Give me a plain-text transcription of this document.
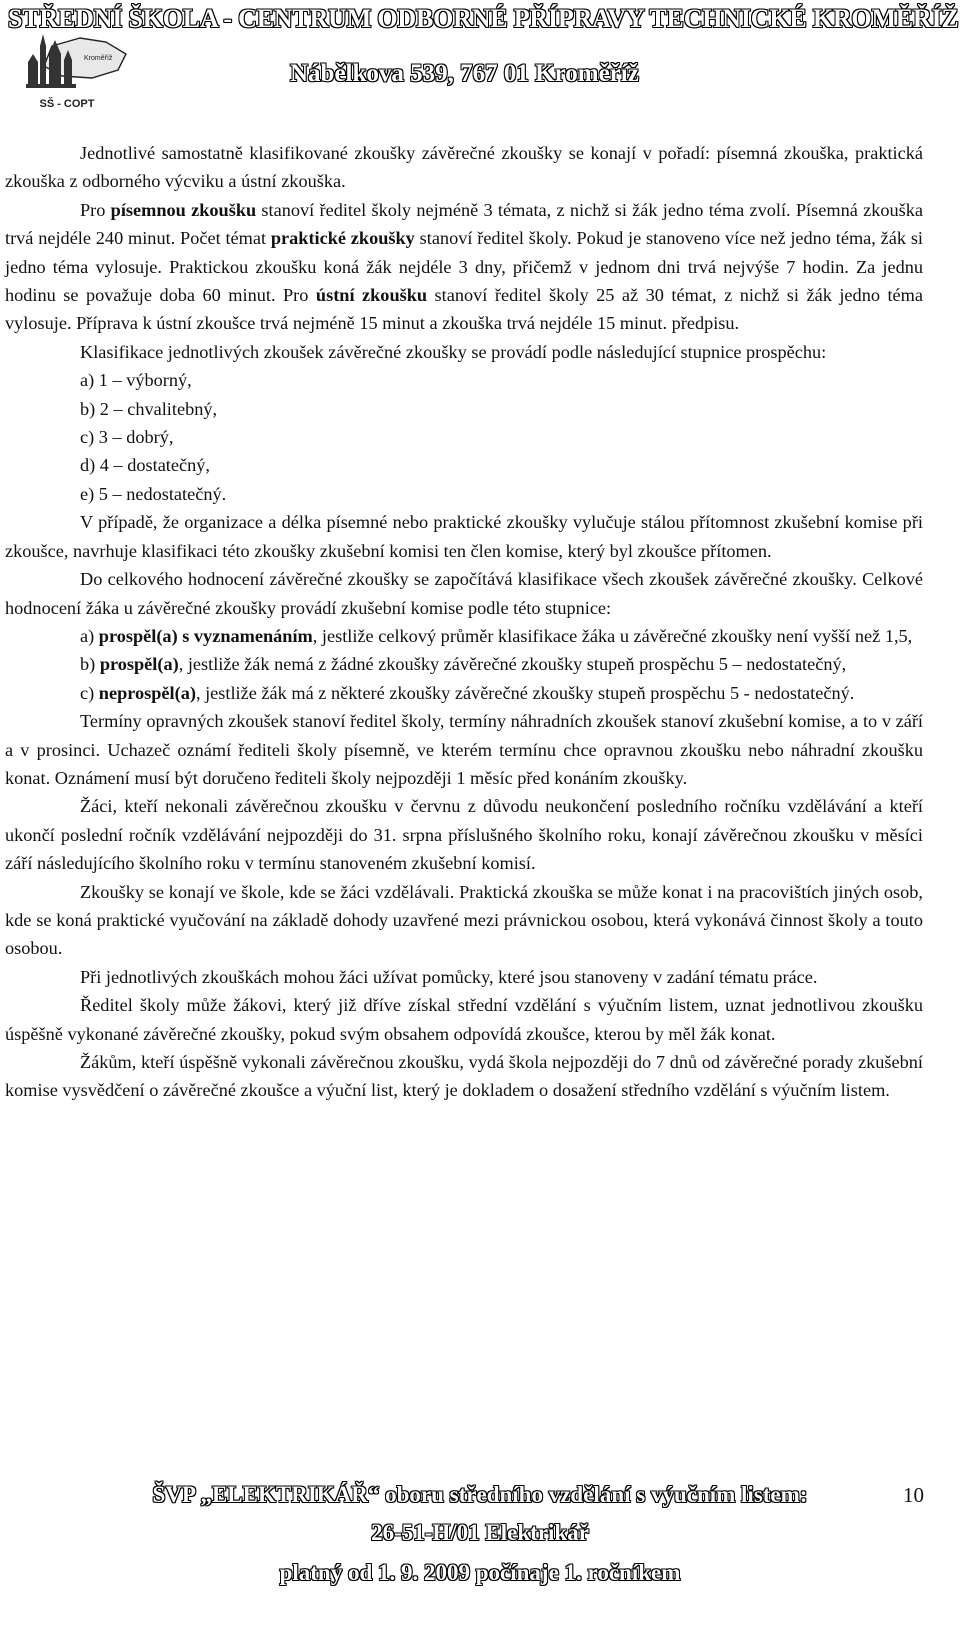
STŘEDNÍ ŠKOLA - CENTRUM ODBORNÉ PŘÍPRAVY TECHNICKÉ KROMĚŘÍŽ
Nábělkova 539, 767 01 Kroměříž
Kroměříž
SŠ - COPT

Jednotlivé samostatně klasifikované zkoušky závěrečné zkoušky se konají v pořadí: písemná zkouška, praktická zkouška z odborného výcviku a ústní zkouška.

Pro písemnou zkoušku stanoví ředitel školy nejméně 3 témata, z nichž si žák jedno téma zvolí. Písemná zkouška trvá nejdéle 240 minut. Počet témat praktické zkoušky stanoví ředitel školy. Pokud je stanoveno více než jedno téma, žák si jedno téma vylosuje. Praktickou zkoušku koná žák nejdéle 3 dny, přičemž v jednom dni trvá nejvýše 7 hodin. Za jednu hodinu se považuje doba 60 minut. Pro ústní zkoušku stanoví ředitel školy 25 až 30 témat, z nichž si žák jedno téma vylosuje. Příprava k ústní zkoušce trvá nejméně 15 minut a zkouška trvá nejdéle 15 minut. předpisu.

Klasifikace jednotlivých zkoušek závěrečné zkoušky se provádí podle následující stupnice prospěchu:

a) 1 – výborný,

b) 2 – chvalitebný,

c) 3 – dobrý,

d) 4 – dostatečný,

e) 5 – nedostatečný.

V případě, že organizace a délka písemné nebo praktické zkoušky vylučuje stálou přítomnost zkušební komise při zkoušce, navrhuje klasifikaci této zkoušky zkušební komisi ten člen komise, který byl zkoušce přítomen.

Do celkového hodnocení závěrečné zkoušky se započítává klasifikace všech zkoušek závěrečné zkoušky. Celkové hodnocení žáka u závěrečné zkoušky provádí zkušební komise podle této stupnice:

a) prospěl(a) s vyznamenáním, jestliže celkový průměr klasifikace žáka u závěrečné zkoušky není vyšší než 1,5,

b) prospěl(a), jestliže žák nemá z žádné zkoušky závěrečné zkoušky stupeň prospěchu 5 – nedostatečný,

c) neprospěl(a), jestliže žák má z některé zkoušky závěrečné zkoušky stupeň prospěchu 5 - nedostatečný.

Termíny opravných zkoušek stanoví ředitel školy, termíny náhradních zkoušek stanoví zkušební komise, a to v září a v prosinci. Uchazeč oznámí řediteli školy písemně, ve kterém termínu chce opravnou zkoušku nebo náhradní zkoušku konat. Oznámení musí být doručeno řediteli školy nejpozději 1 měsíc před konáním zkoušky.

Žáci, kteří nekonali závěrečnou zkoušku v červnu z důvodu neukončení posledního ročníku vzdělávání a kteří ukončí poslední ročník vzdělávání nejpozději do 31. srpna příslušného školního roku, konají závěrečnou zkoušku v měsíci září následujícího školního roku v termínu stanoveném zkušební komisí.

Zkoušky se konají ve škole, kde se žáci vzdělávali. Praktická zkouška se může konat i na pracovištích jiných osob, kde se koná praktické vyučování na základě dohody uzavřené mezi právnickou osobou, která vykonává činnost školy a touto osobou.

Při jednotlivých zkouškách mohou žáci užívat pomůcky, které jsou stanoveny v zadání tématu práce.

Ředitel školy může žákovi, který již dříve získal střední vzdělání s výučním listem, uznat jednotlivou zkoušku úspěšně vykonané závěrečné zkoušky, pokud svým obsahem odpovídá zkoušce, kterou by měl žák konat.

Žákům, kteří úspěšně vykonali závěrečnou zkoušku, vydá škola nejpozději do 7 dnů od závěrečné porady zkušební komise vysvědčení o závěrečné zkoušce a výuční list, který je dokladem o dosažení středního vzdělání s výučním listem.

ŠVP „ELEKTRIKÁŘ“ oboru středního vzdělání s výučním listem:
26-51-H/01 Elektrikář
platný od 1. 9. 2009 počínaje 1. ročníkem
10
